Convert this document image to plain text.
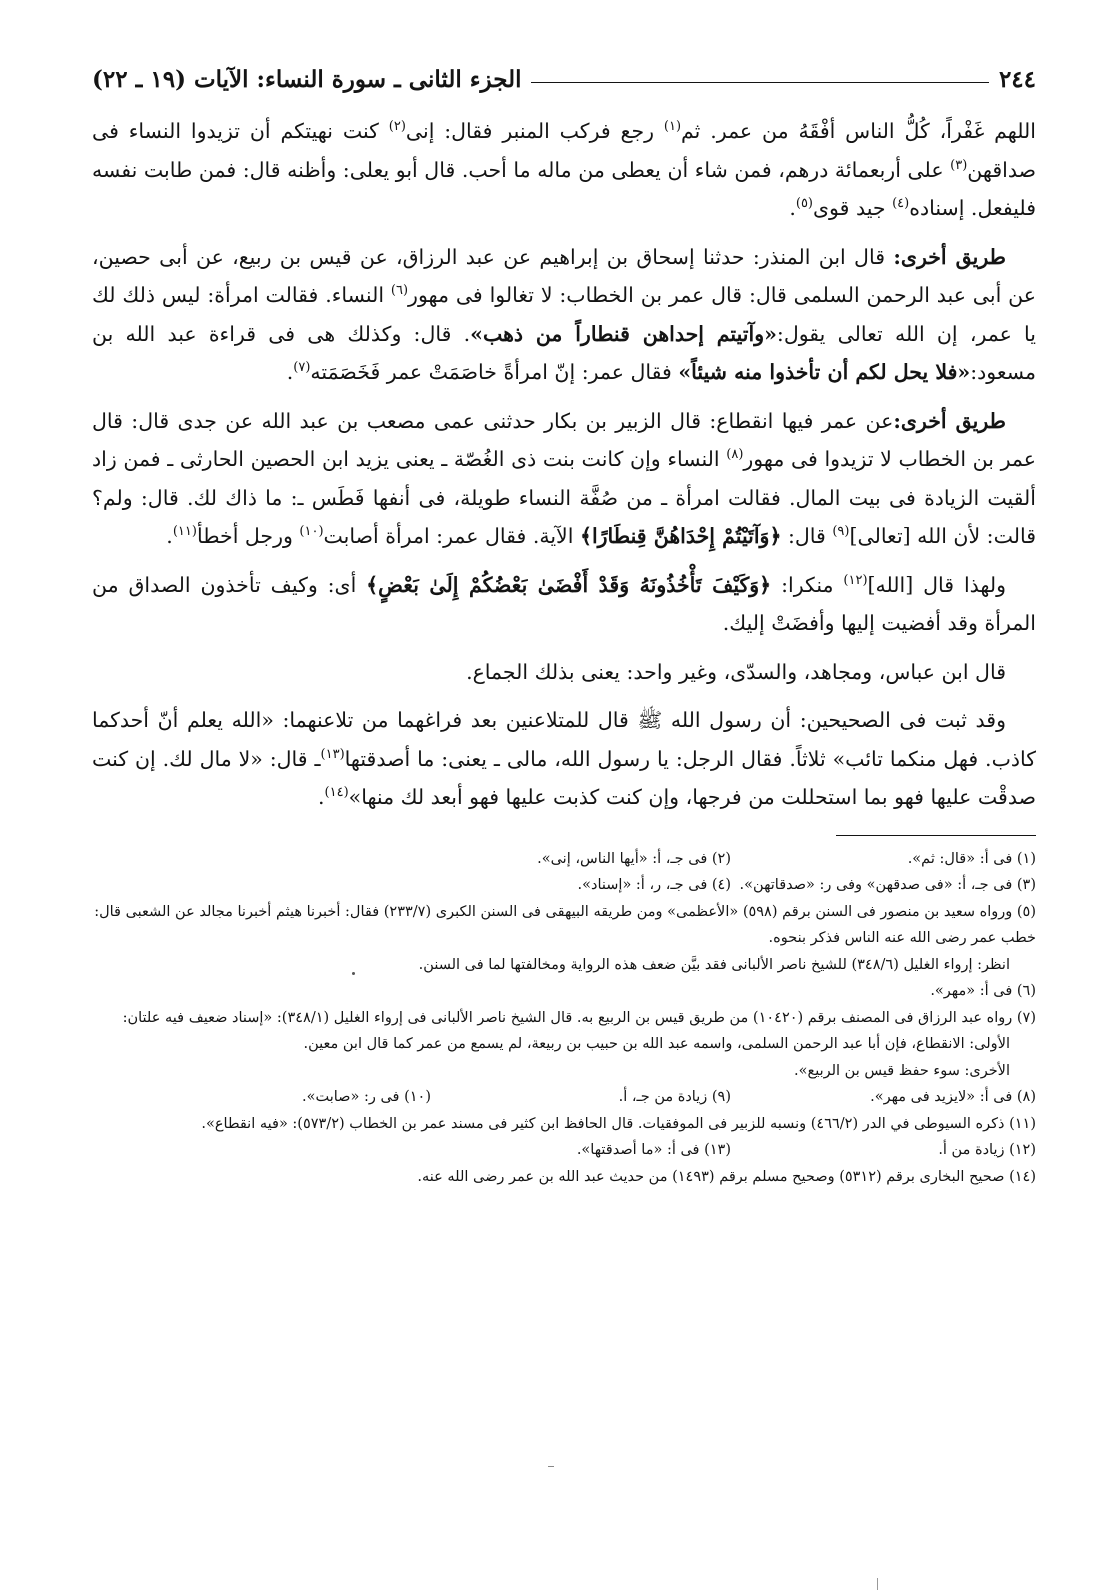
٢٤٤
الجزء الثانى ـ سورة النساء: الآيات (١٩ ـ ٢٢)

اللهم غَفْراً، كُلُّ الناس أفْقَهُ من عمر. ثم$^{(١)}$ رجع فركب المنبر فقال: إنى$^{(٢)}$ كنت نهيتكم أن تزيدوا النساء فى صداقهن$^{(٣)}$ على أربعمائة درهم، فمن شاء أن يعطى من ماله ما أحب. قال أبو يعلى: وأظنه قال: فمن طابت نفسه فليفعل. إسناده$^{(٤)}$ جيد قوى$^{(٥)}$.

طريق أخرى: قال ابن المنذر: حدثنا إسحاق بن إبراهيم عن عبد الرزاق، عن قيس بن ربيع، عن أبى حصين، عن أبى عبد الرحمن السلمى قال: قال عمر بن الخطاب: لا تغالوا فى مهور$^{(٦)}$ النساء. فقالت امرأة: ليس ذلك لك يا عمر، إن الله تعالى يقول:«وآتيتم إحداهن قنطاراً من ذهب». قال: وكذلك هى فى قراءة عبد الله بن مسعود:«فلا يحل لكم أن تأخذوا منه شيئاً» فقال عمر: إنّ امرأةً خاصَمَتْ عمر فَخَصَمَته$^{(٧)}$.

طريق أخرى:عن عمر فيها انقطاع: قال الزبير بن بكار حدثنى عمى مصعب بن عبد الله عن جدى قال: قال عمر بن الخطاب لا تزيدوا فى مهور$^{(٨)}$ النساء وإن كانت بنت ذى الغُصّة ـ يعنى يزيد ابن الحصين الحارثى ـ فمن زاد ألقيت الزيادة فى بيت المال. فقالت امرأة ـ من صُفَّة النساء طويلة، فى أنفها فَطَس ـ: ما ذاك لك. قال: ولم؟ قالت: لأن الله [تعالى]$^{(٩)}$ قال: ﴿وَآتَيْتُمْ إِحْدَاهُنَّ قِنطَارًا﴾ الآية. فقال عمر: امرأة أصابت$^{(١٠)}$ ورجل أخطأ$^{(١١)}$.

ولهذا قال [الله]$^{(١٢)}$ منكرا: ﴿وَكَيْفَ تَأْخُذُونَهُ وَقَدْ أَفْضَىٰ بَعْضُكُمْ إِلَىٰ بَعْضٍ﴾ أى: وكيف تأخذون الصداق من المرأة وقد أفضيت إليها وأفضَتْ إليك.

قال ابن عباس، ومجاهد، والسدّى، وغير واحد: يعنى بذلك الجماع.

وقد ثبت فى الصحيحين: أن رسول الله ﷺ قال للمتلاعنين بعد فراغهما من تلاعنهما: «الله يعلم أنّ أحدكما كاذب. فهل منكما تائب» ثلاثاً. فقال الرجل: يا رسول الله، مالى ـ يعنى: ما أصدقتها$^{(١٣)}$ـ قال: «لا مال لك. إن كنت صدقْت عليها فهو بما استحللت من فرجها، وإن كنت كذبت عليها فهو أبعد لك منها»$^{(١٤)}$.

(١) فى أ: «قال: ثم».
(٢) فى جـ، أ: «أيها الناس، إنى».
(٣) فى جـ، أ: «فى صدقهن» وفى ر: «صدقاتهن».
(٤) فى جـ، ر، أ: «إسناد».

(٥) ورواه سعيد بن منصور فى السنن برقم (٥٩٨) «الأعظمى» ومن طريقه البيهقى فى السنن الكبرى (٢٣٣/٧) فقال: أخبرنا هيثم أخبرنا مجالد عن الشعبى قال: خطب عمر رضى الله عنه الناس فذكر بنحوه.

انظر: إرواء الغليل (٣٤٨/٦) للشيخ ناصر الألبانى فقد بيَّن ضعف هذه الرواية ومخالفتها لما فى السنن.

(٦) فى أ: «مهر».

(٧) رواه عبد الرزاق فى المصنف برقم (١٠٤٢٠) من طريق قيس بن الربيع به. قال الشيخ ناصر الألبانى فى إرواء الغليل (٣٤٨/١): «إسناد ضعيف فيه علتان:

الأولى: الانقطاع، فإن أبا عبد الرحمن السلمى، واسمه عبد الله بن حبيب بن ربيعة، لم يسمع من عمر كما قال ابن معين.

الأخرى: سوء حفظ قيس بن الربيع».

(٨) فى أ: «لايزيد فى مهر».
(٩) زيادة من جـ، أ.
(١٠) فى ر: «صابت».

(١١) ذكره السيوطى في الدر (٤٦٦/٢) ونسبه للزبير فى الموفقيات. قال الحافظ ابن كثير فى مسند عمر بن الخطاب (٥٧٣/٢): «فيه انقطاع».

(١٢) زيادة من أ.
(١٣) فى أ: «ما أصدقتها».

(١٤) صحيح البخارى برقم (٥٣١٢) وصحيح مسلم برقم (١٤٩٣) من حديث عبد الله بن عمر رضى الله عنه.
